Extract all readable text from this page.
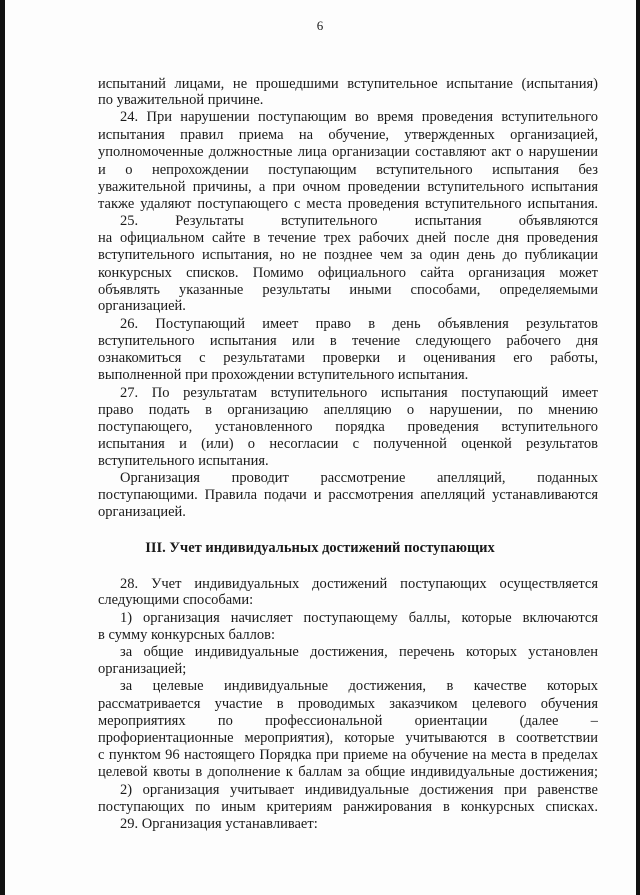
6
испытаний лицами, не прошедшими вступительное испытание (испытания)
по уважительной причине.
24. При нарушении поступающим во время проведения вступительного
испытания правил приема на обучение, утвержденных организацией,
уполномоченные должностные лица организации составляют акт о нарушении
и о непрохождении поступающим вступительного испытания без
уважительной причины, а при очном проведении вступительного испытания
также удаляют поступающего с места проведения вступительного испытания.
25. Результаты вступительного испытания объявляются
на официальном сайте в течение трех рабочих дней после дня проведения
вступительного испытания, но не позднее чем за один день до публикации
конкурсных списков. Помимо официального сайта организация может
объявлять указанные результаты иными способами, определяемыми
организацией.
26. Поступающий имеет право в день объявления результатов
вступительного испытания или в течение следующего рабочего дня
ознакомиться с результатами проверки и оценивания его работы,
выполненной при прохождении вступительного испытания.
27. По результатам вступительного испытания поступающий имеет
право подать в организацию апелляцию о нарушении, по мнению
поступающего, установленного порядка проведения вступительного
испытания и (или) о несогласии с полученной оценкой результатов
вступительного испытания.
Организация проводит рассмотрение апелляций, поданных
поступающими. Правила подачи и рассмотрения апелляций устанавливаются
организацией.
III. Учет индивидуальных достижений поступающих
28. Учет индивидуальных достижений поступающих осуществляется
следующими способами:
1) организация начисляет поступающему баллы, которые включаются
в сумму конкурсных баллов:
за общие индивидуальные достижения, перечень которых установлен
организацией;
за целевые индивидуальные достижения, в качестве которых
рассматривается участие в проводимых заказчиком целевого обучения
мероприятиях по профессиональной ориентации (далее –
профориентационные мероприятия), которые учитываются в соответствии
с пунктом 96 настоящего Порядка при приеме на обучение на места в пределах
целевой квоты в дополнение к баллам за общие индивидуальные достижения;
2) организация учитывает индивидуальные достижения при равенстве
поступающих по иным критериям ранжирования в конкурсных списках.
29. Организация устанавливает:
